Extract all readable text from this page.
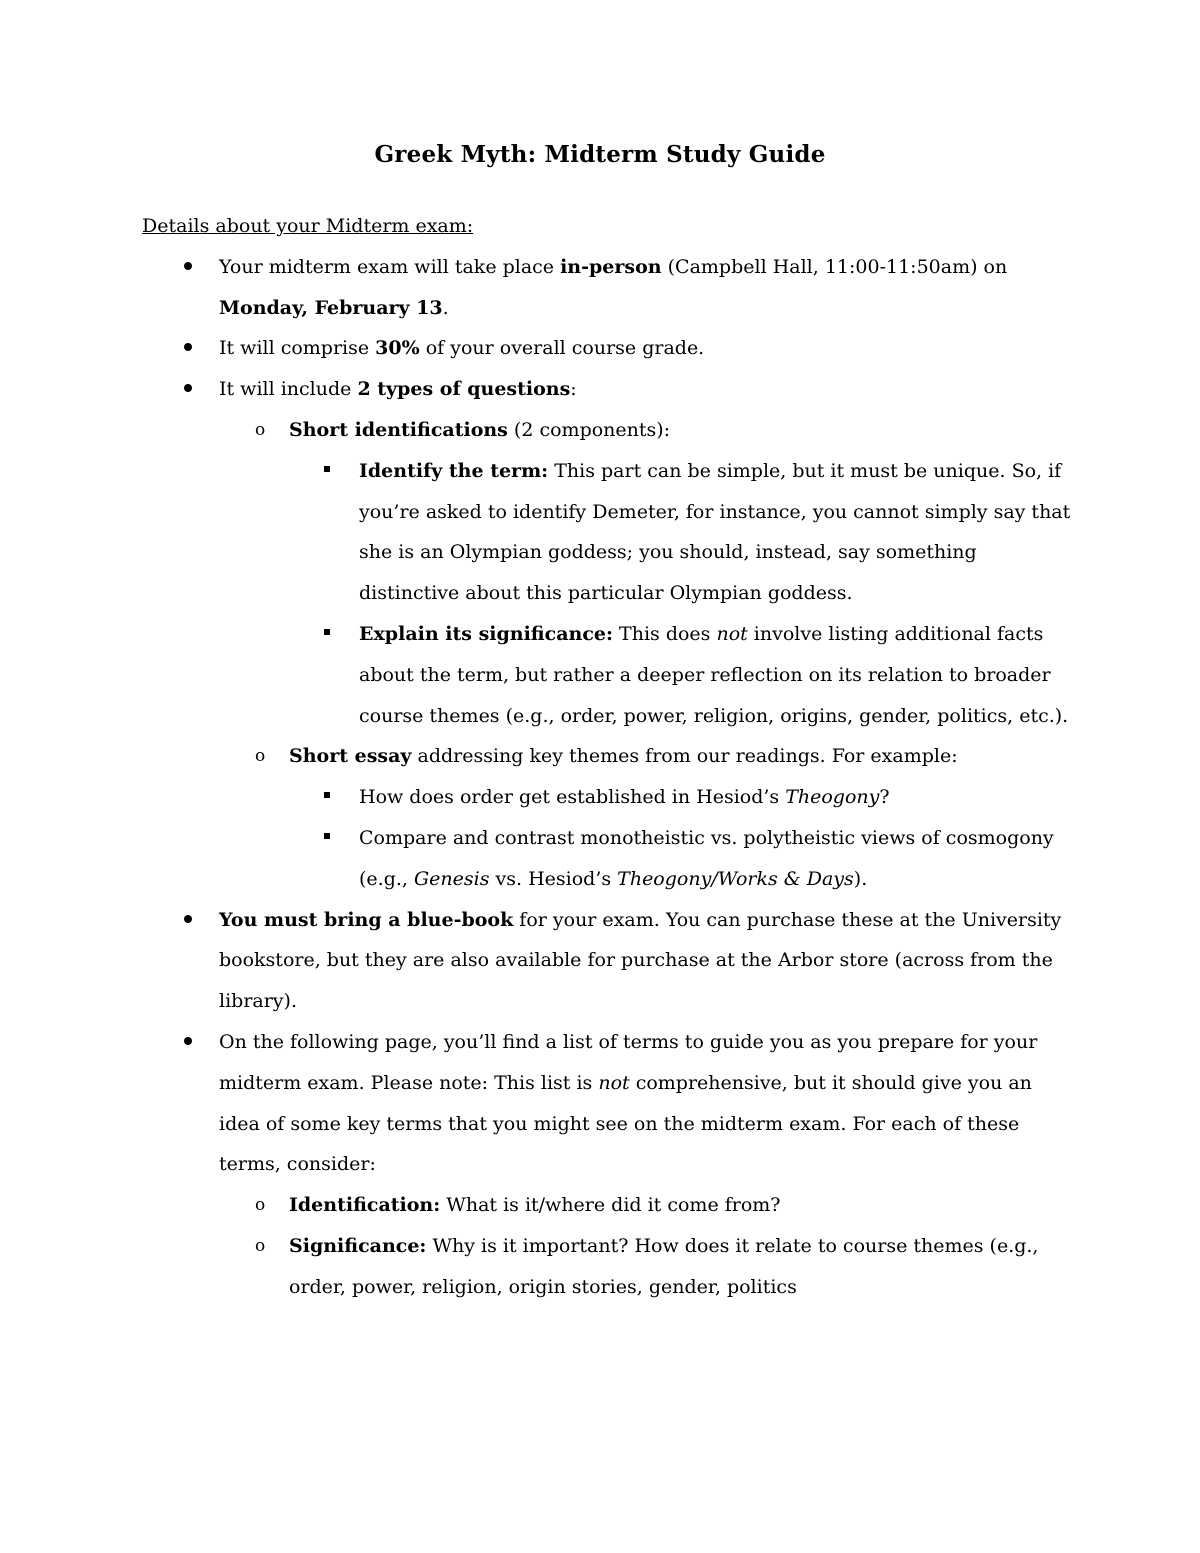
Greek Myth: Midterm Study Guide
Details about your Midterm exam:
Your midterm exam will take place in-person (Campbell Hall, 11:00-11:50am) on Monday, February 13.
It will comprise 30% of your overall course grade.
It will include 2 types of questions:
o Short identifications (2 components):
Identify the term: This part can be simple, but it must be unique. So, if you’re asked to identify Demeter, for instance, you cannot simply say that she is an Olympian goddess; you should, instead, say something distinctive about this particular Olympian goddess.
Explain its significance: This does not involve listing additional facts about the term, but rather a deeper reflection on its relation to broader course themes (e.g., order, power, religion, origins, gender, politics, etc.).
o Short essay addressing key themes from our readings. For example:
How does order get established in Hesiod’s Theogony?
Compare and contrast monotheistic vs. polytheistic views of cosmogony (e.g., Genesis vs. Hesiod’s Theogony/Works & Days).
You must bring a blue-book for your exam. You can purchase these at the University bookstore, but they are also available for purchase at the Arbor store (across from the library).
On the following page, you’ll find a list of terms to guide you as you prepare for your midterm exam. Please note: This list is not comprehensive, but it should give you an idea of some key terms that you might see on the midterm exam. For each of these terms, consider:
o Identification: What is it/where did it come from?
o Significance: Why is it important? How does it relate to course themes (e.g., order, power, religion, origin stories, gender, politics
